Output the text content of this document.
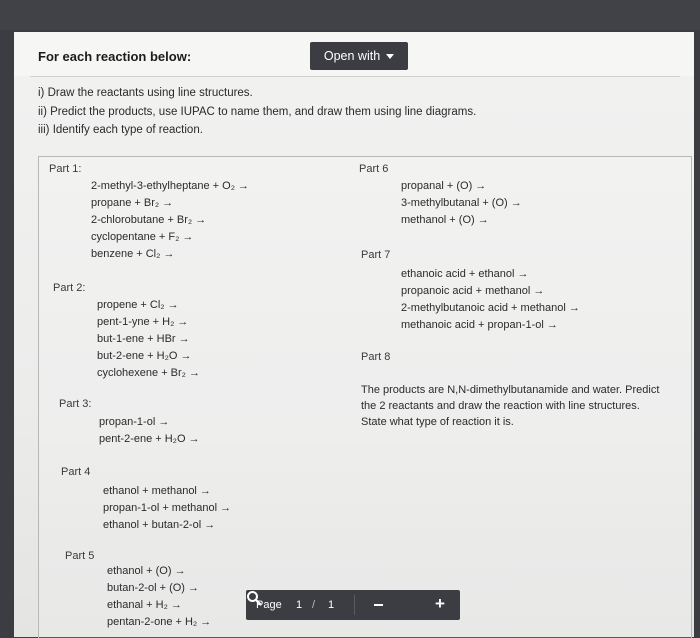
For each reaction below:	Open with
i) Draw the reactants using line structures.
ii) Predict the products, use IUPAC to name them, and draw them using line diagrams.
iii) Identify each type of reaction.
Part 1:
2-methyl-3-ethylheptane + O₂ →
propane + Br₂ →
2-chlorobutane + Br₂ →
cyclopentane + F₂ →
benzene + Cl₂ →
Part 2:
propene + Cl₂ →
pent-1-yne + H₂ →
but-1-ene + HBr →
but-2-ene + H₂O →
cyclohexene + Br₂ →
Part 3:
propan-1-ol →
pent-2-ene + H₂O →
Part 4
ethanol + methanol →
propan-1-ol + methanol →
ethanol + butan-2-ol →
Part 5
ethanol + (O) →
butan-2-ol + (O) →
ethanal + H₂ →
pentan-2-one + H₂ →
Part 6
propanal + (O) →
3-methylbutanal + (O) →
methanol + (O) →
Part 7
ethanoic acid + ethanol →
propanoic acid + methanol →
2-methylbutanoic acid + methanol →
methanoic acid + propan-1-ol →
Part 8
The products are N,N-dimethylbutanamide and water. Predict the 2 reactants and draw the reaction with line structures. State what type of reaction it is.
Page 1 / 1	+
